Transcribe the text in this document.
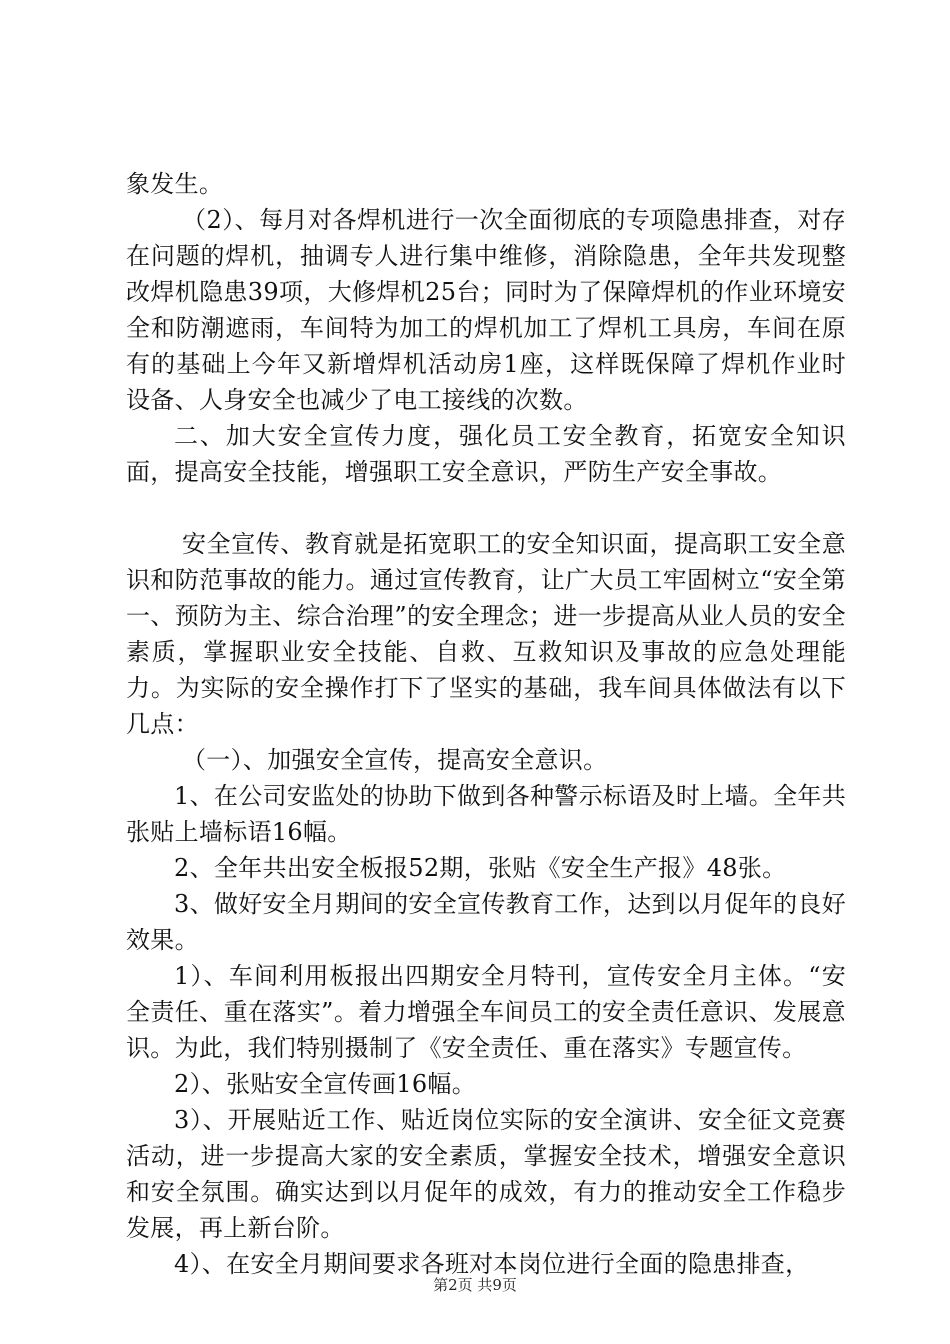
象发生。

（2）、每月对各焊机进行一次全面彻底的专项隐患排查，对存在问题的焊机，抽调专人进行集中维修，消除隐患，全年共发现整改焊机隐患39项，大修焊机25台；同时为了保障焊机的作业环境安全和防潮遮雨，车间特为加工的焊机加工了焊机工具房，车间在原有的基础上今年又新增焊机活动房1座，这样既保障了焊机作业时设备、人身安全也减少了电工接线的次数。

二、加大安全宣传力度，强化员工安全教育，拓宽安全知识面，提高安全技能，增强职工安全意识，严防生产安全事故。

安全宣传、教育就是拓宽职工的安全知识面，提高职工安全意识和防范事故的能力。通过宣传教育，让广大员工牢固树立“安全第一、预防为主、综合治理”的安全理念；进一步提高从业人员的安全素质，掌握职业安全技能、自救、互救知识及事故的应急处理能力。为实际的安全操作打下了坚实的基础，我车间具体做法有以下几点：

（一）、加强安全宣传，提高安全意识。

1、在公司安监处的协助下做到各种警示标语及时上墙。全年共张贴上墙标语16幅。

2、全年共出安全板报52期，张贴《安全生产报》48张。

3、做好安全月期间的安全宣传教育工作，达到以月促年的良好效果。

1）、车间利用板报出四期安全月特刊，宣传安全月主体。“安全责任、重在落实”。着力增强全车间员工的安全责任意识、发展意识。为此，我们特别摄制了《安全责任、重在落实》专题宣传。

2）、张贴安全宣传画16幅。

3）、开展贴近工作、贴近岗位实际的安全演讲、安全征文竞赛活动，进一步提高大家的安全素质，掌握安全技术，增强安全意识和安全氛围。确实达到以月促年的成效，有力的推动安全工作稳步发展，再上新台阶。

4）、在安全月期间要求各班对本岗位进行全面的隐患排查，

第2页 共9页
